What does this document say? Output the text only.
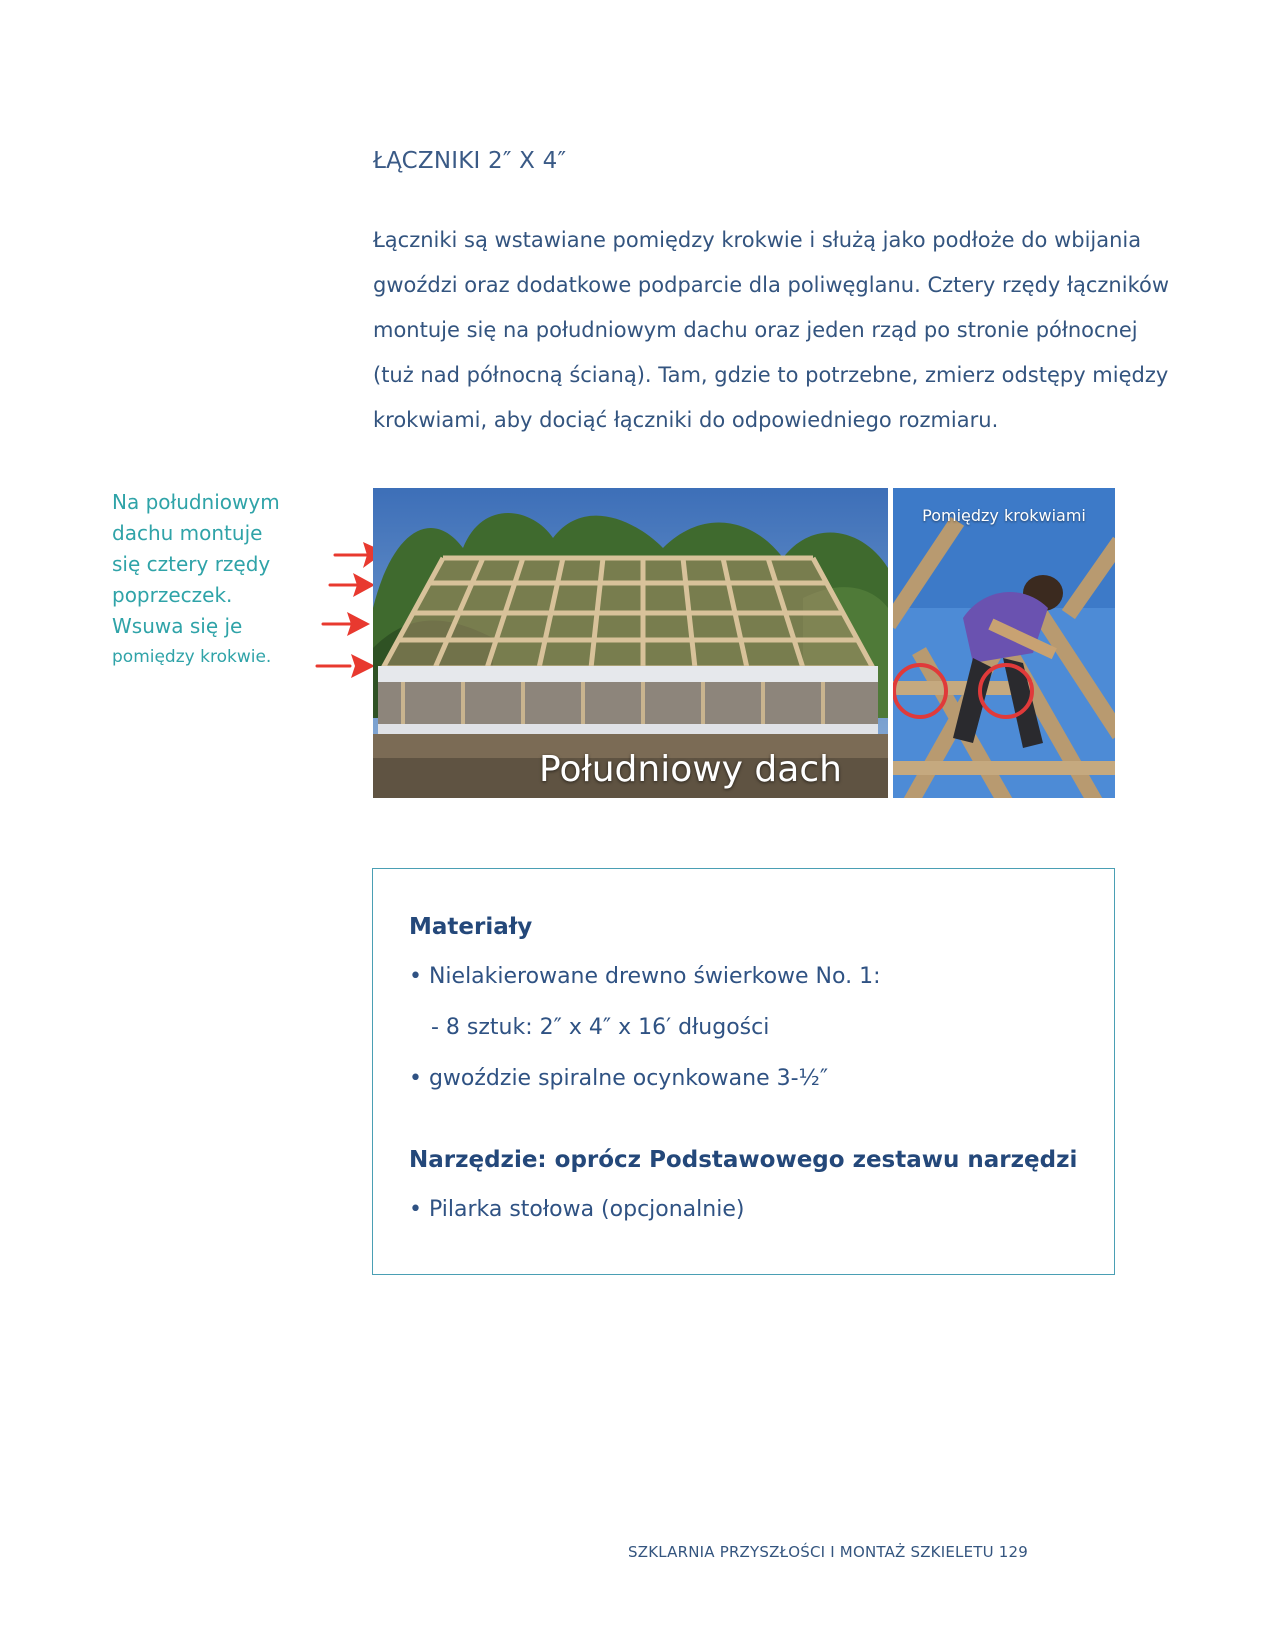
ŁĄCZNIKI 2″ X 4″
Łączniki są wstawiane pomiędzy krokwie i służą jako podłoże do wbijania
gwoździ oraz dodatkowe podparcie dla poliwęglanu. Cztery rzędy łączników
montuje się na południowym dachu oraz jeden rząd po stronie północnej
(tuż nad północną ścianą). Tam, gdzie to potrzebne, zmierz odstępy między
krokwiami, aby dociąć łączniki do odpowiedniego rozmiaru.
Na południowym
dachu montuje
się cztery rzędy
poprzeczek.
Wsuwa się je
pomiędzy krokwie.
Południowy dach
Pomiędzy krokwiami
Materiały
• Nielakierowane drewno świerkowe No. 1:
- 8 sztuk: 2″ x 4″ x 16′ długości
• gwoździe spiralne ocynkowane 3-½″
Narzędzie: oprócz Podstawowego zestawu narzędzi
• Pilarka stołowa (opcjonalnie)
SZKLARNIA PRZYSZŁOŚCI I MONTAŻ SZKIELETU 129
